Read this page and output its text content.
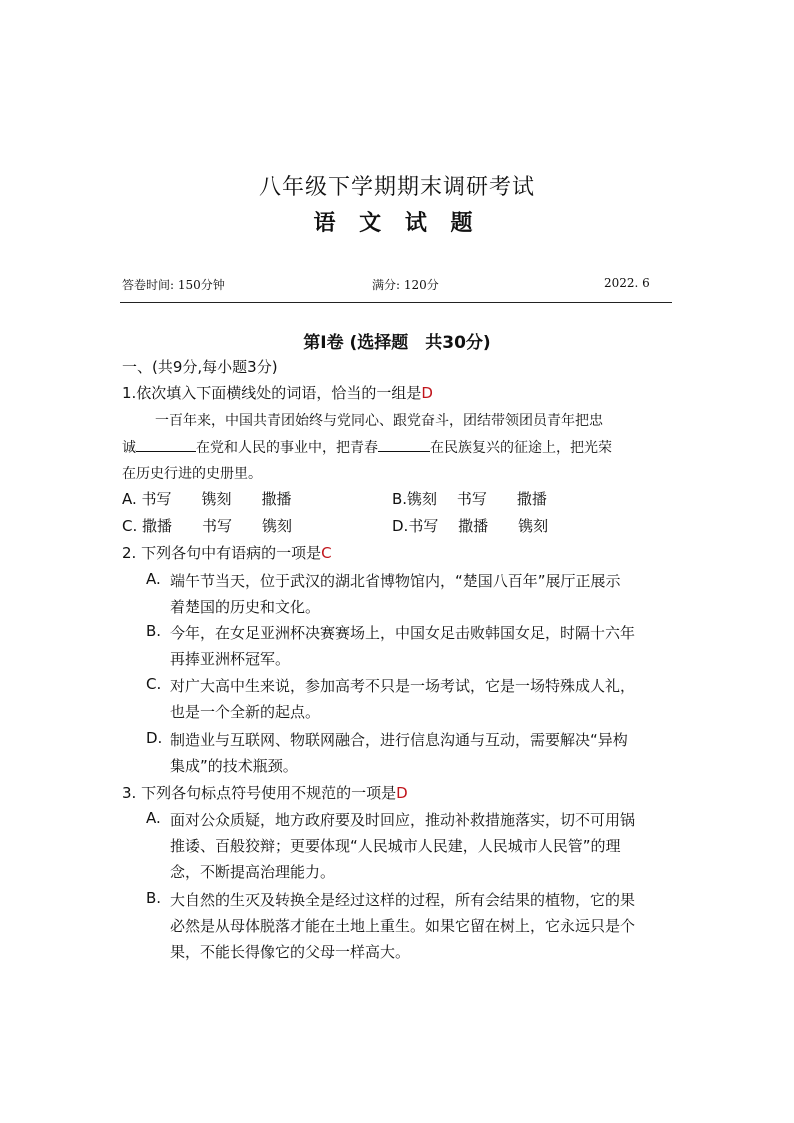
八年级下学期期末调研考试
语 文 试 题
答卷时间: 150分钟	满分: 120分	2022. 6
第Ⅰ卷 (选择题　共30分)
一、(共9分,每小题3分)
1.依次填入下面横线处的词语，恰当的一组是D
一百年来，中国共青团始终与党同心、跟党奋斗，团结带领团员青年把忠
诚	在党和人民的事业中，把青春	在民族复兴的征途上，把光荣
在历史行进的史册里。
A. 书写　　镌刻　　撒播	B.镌刻　 书写　　撒播
C. 撒播　　书写　　镌刻	D.书写　 撒播　　镌刻
2. 下列各句中有语病的一项是C
A. 端午节当天，位于武汉的湖北省博物馆内，“楚国八百年”展厅正展示
着楚国的历史和文化。
B. 今年，在女足亚洲杯决赛赛场上，中国女足击败韩国女足，时隔十六年
再捧亚洲杯冠军。
C. 对广大高中生来说，参加高考不只是一场考试，它是一场特殊成人礼，
也是一个全新的起点。
D. 制造业与互联网、物联网融合，进行信息沟通与互动，需要解决“异构
集成”的技术瓶颈。
3. 下列各句标点符号使用不规范的一项是D
A. 面对公众质疑，地方政府要及时回应，推动补救措施落实，切不可用锅
推诿、百般狡辩；更要体现“人民城市人民建，人民城市人民管”的理
念，不断提高治理能力。
B. 大自然的生灭及转换全是经过这样的过程，所有会结果的植物，它的果
必然是从母体脱落才能在土地上重生。如果它留在树上，它永远只是个
果，不能长得像它的父母一样高大。
